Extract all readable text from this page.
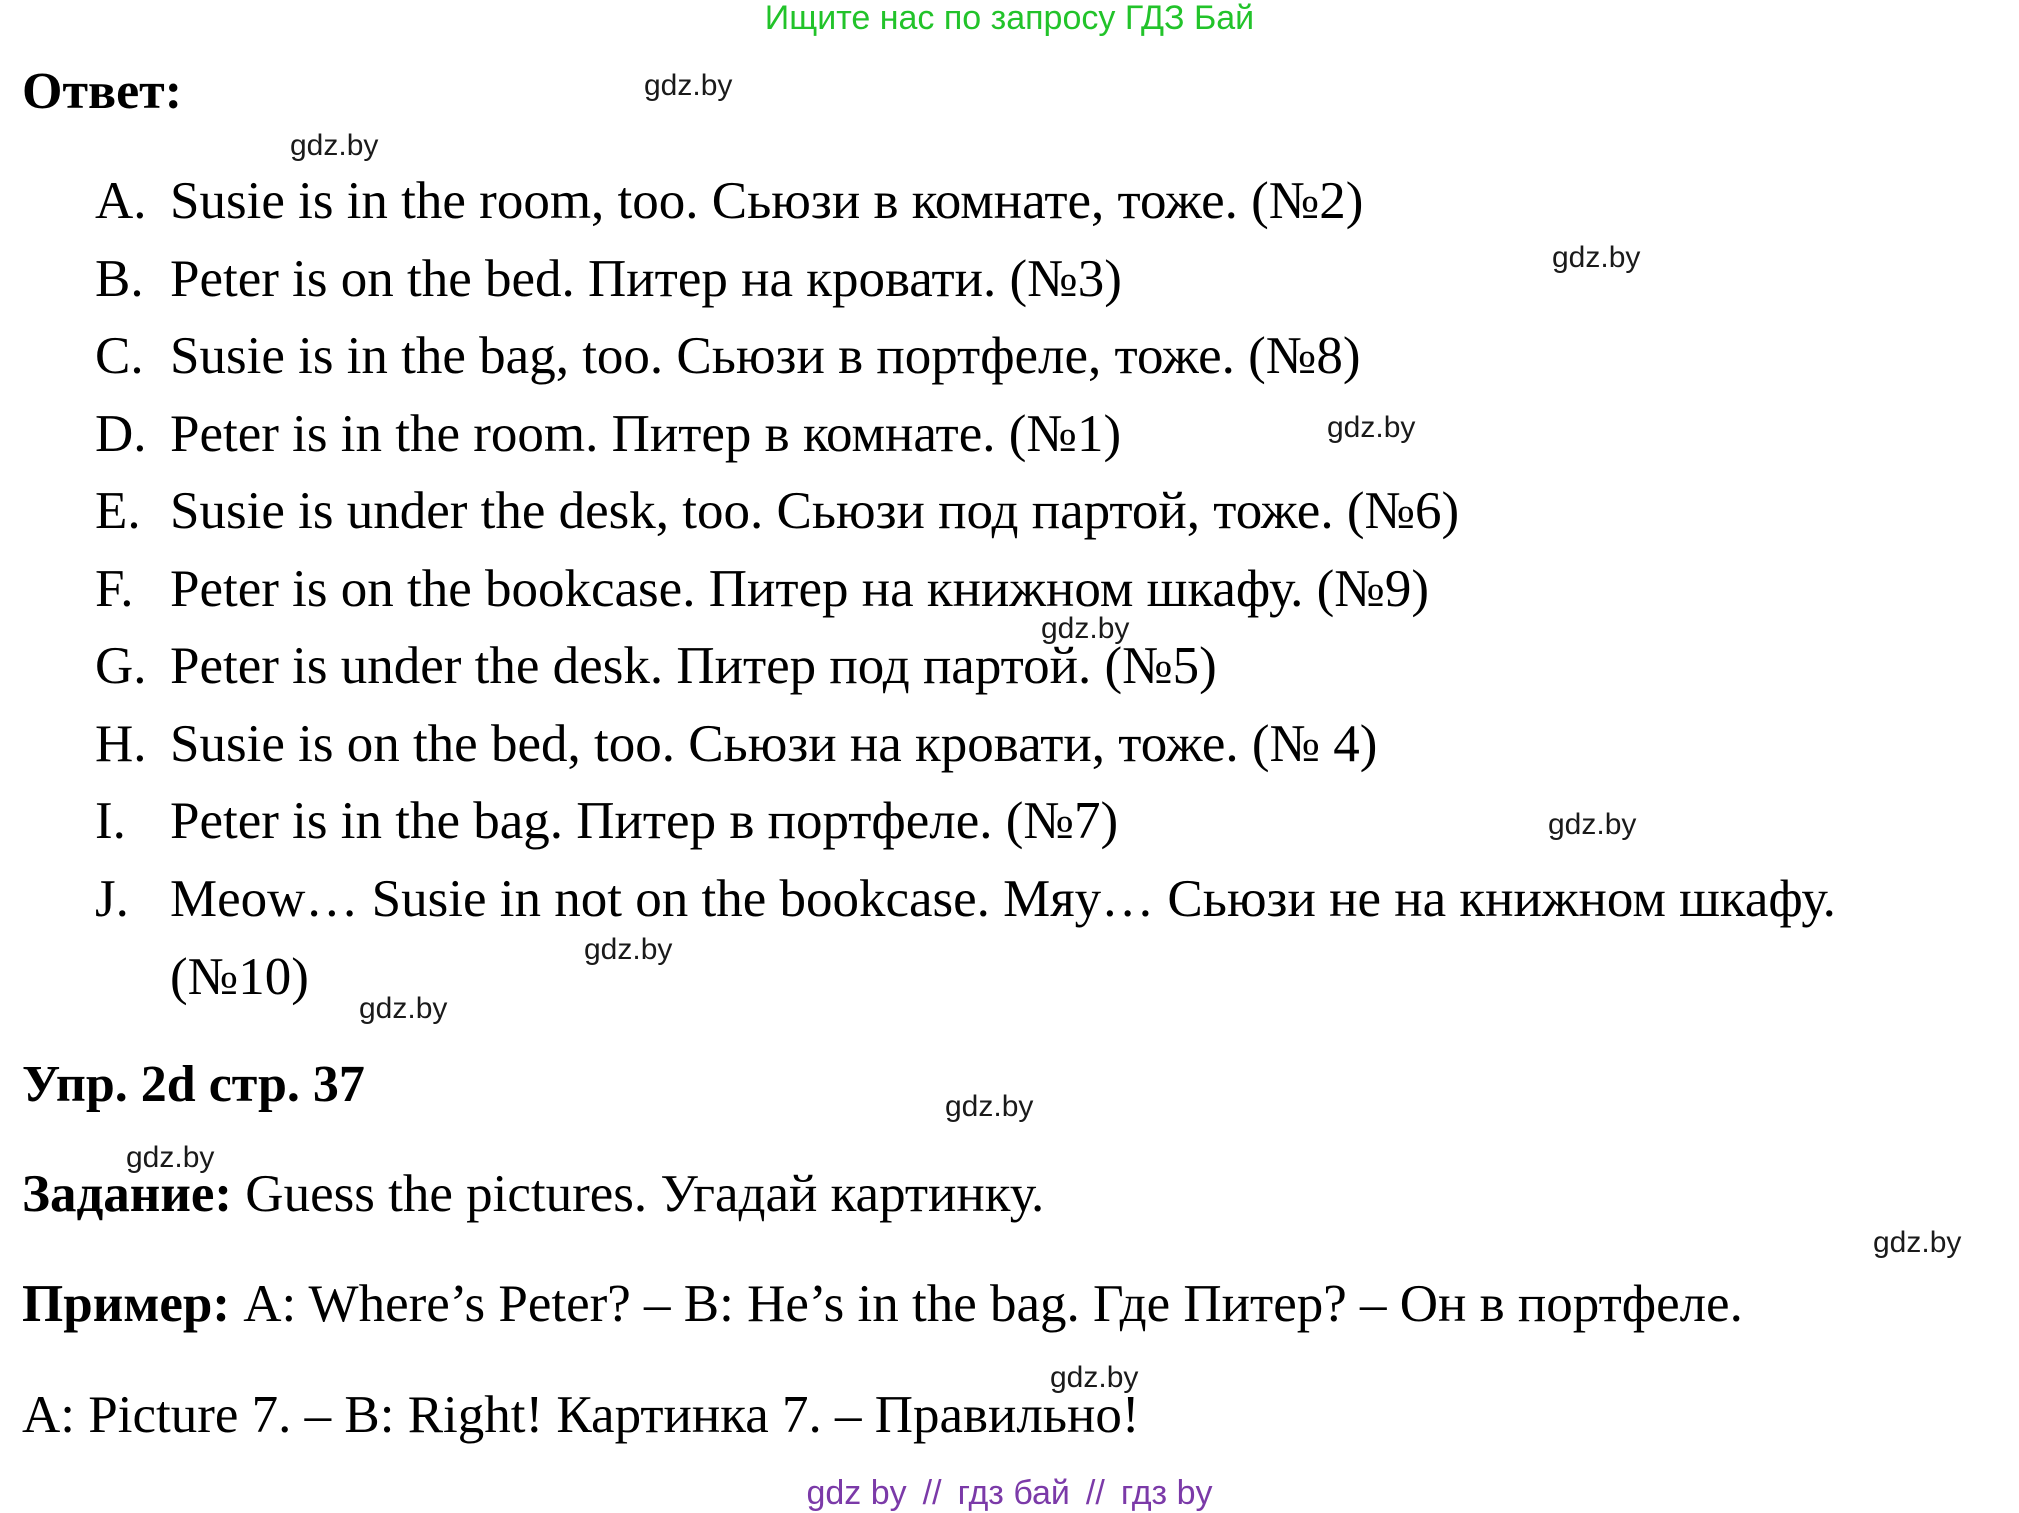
Ищите нас по запросу ГДЗ Бай
Ответ:
A. Susie is in the room, too. Сьюзи в комнате, тоже. (№2)
B. Peter is on the bed. Питер на кровати. (№3)
C. Susie is in the bag, too. Сьюзи в портфеле, тоже. (№8)
D. Peter is in the room. Питер в комнате. (№1)
E. Susie is under the desk, too. Сьюзи под партой, тоже. (№6)
F. Peter is on the bookcase. Питер на книжном шкафу. (№9)
G. Peter is under the desk. Питер под партой. (№5)
H. Susie is on the bed, too. Сьюзи на кровати, тоже. (№ 4)
I. Peter is in the bag. Питер в портфеле. (№7)
J. Meow… Susie in not on the bookcase. Мяу… Сьюзи не на книжном шкафу.
(№10)
Упр. 2d стр. 37
Задание: Guess the pictures. Угадай картинку.
Пример: A: Where’s Peter? – B: He’s in the bag. Где Питер? – Он в портфеле.
A: Picture 7. – B: Right! Картинка 7. – Правильно!
gdz.by
gdz.by
gdz.by
gdz.by
gdz.by
gdz.by
gdz.by
gdz.by
gdz.by
gdz.by
gdz.by
gdz.by
gdz by // гдз бай // гдз by
